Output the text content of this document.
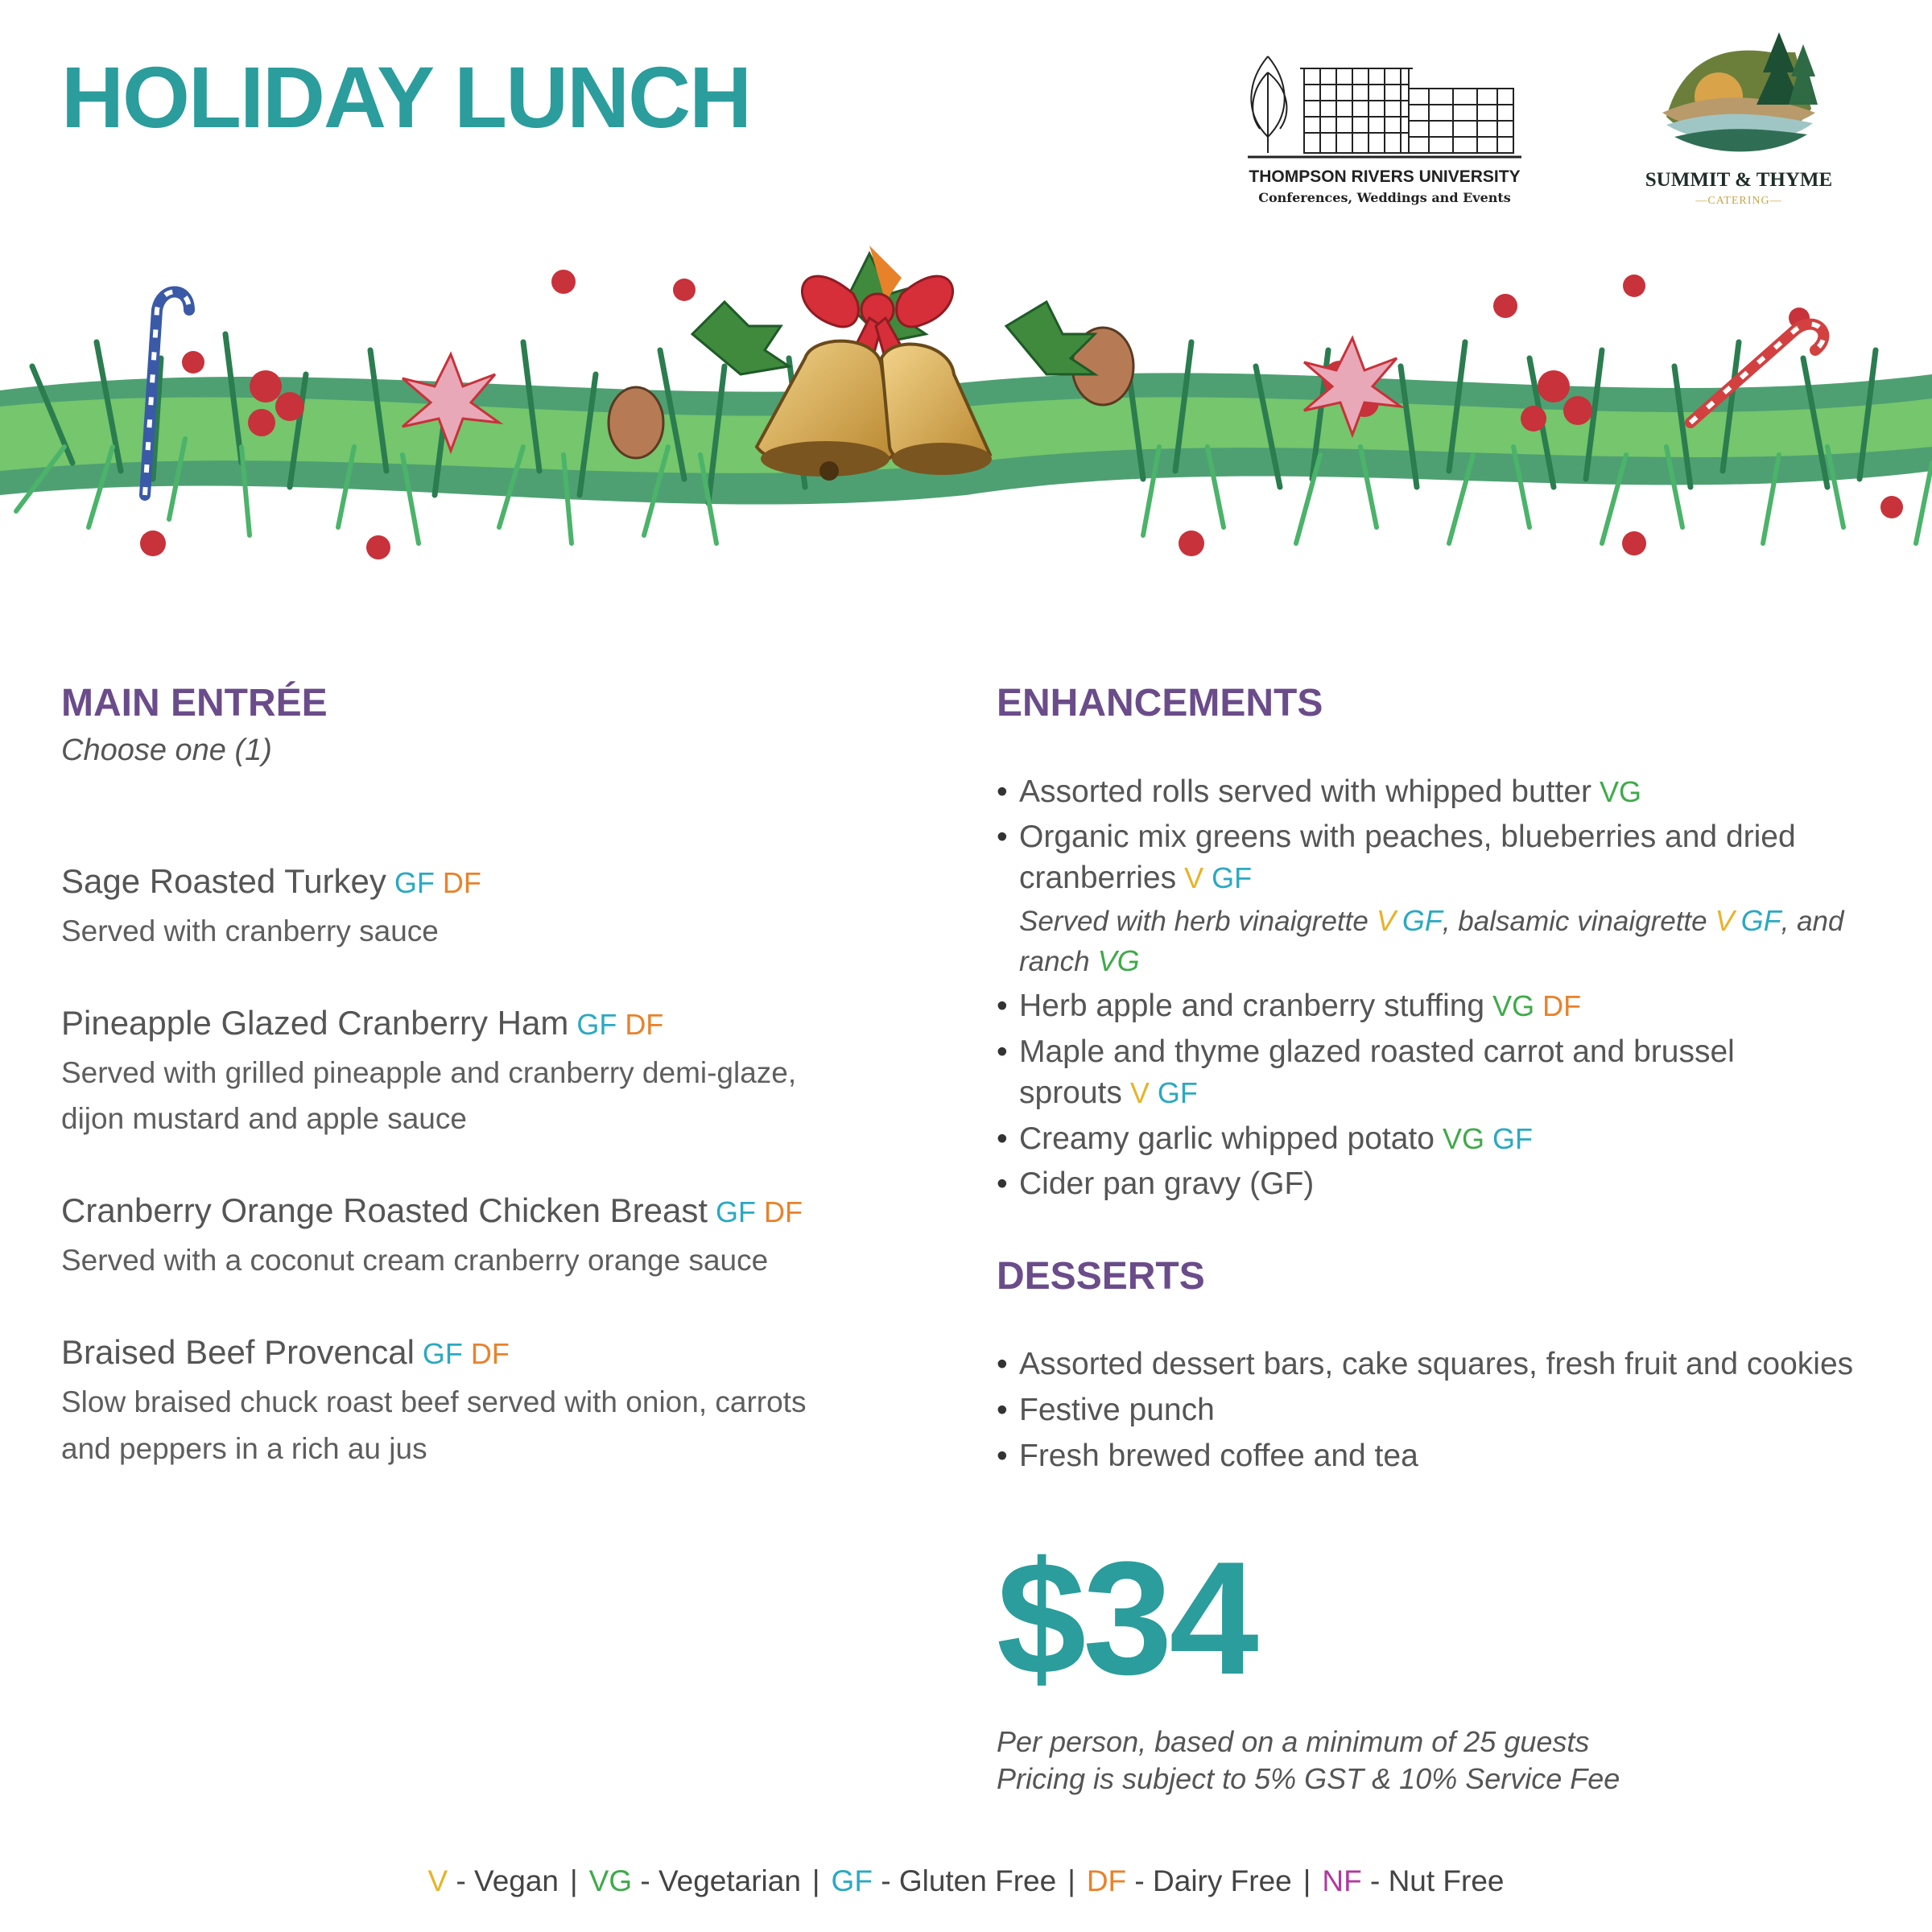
HOLIDAY LUNCH
THOMPSON RIVERS UNIVERSITY
Conferences, Weddings and Events
SUMMIT & THYME
—CATERING—
MAIN ENTRÉE
Choose one (1)
Sage Roasted Turkey GF DF
Served with cranberry sauce
Pineapple Glazed Cranberry Ham GF DF
Served with grilled pineapple and cranberry demi-glaze,
dijon mustard and apple sauce
Cranberry Orange Roasted Chicken Breast GF DF
Served with a coconut cream cranberry orange sauce
Braised Beef Provencal GF DF
Slow braised chuck roast beef served with onion, carrots
and peppers in a rich au jus
ENHANCEMENTS
• Assorted rolls served with whipped butter VG
• Organic mix greens with peaches, blueberries and dried cranberries V GF
Served with herb vinaigrette V GF, balsamic vinaigrette V GF, and ranch VG
• Herb apple and cranberry stuffing VG DF
• Maple and thyme glazed roasted carrot and brussel sprouts V GF
• Creamy garlic whipped potato VG GF
• Cider pan gravy (GF)
DESSERTS
• Assorted dessert bars, cake squares, fresh fruit and cookies
• Festive punch
• Fresh brewed coffee and tea
$34
Per person, based on a minimum of 25 guests
Pricing is subject to 5% GST & 10% Service Fee
V - Vegan | VG - Vegetarian | GF - Gluten Free | DF - Dairy Free | NF - Nut Free
